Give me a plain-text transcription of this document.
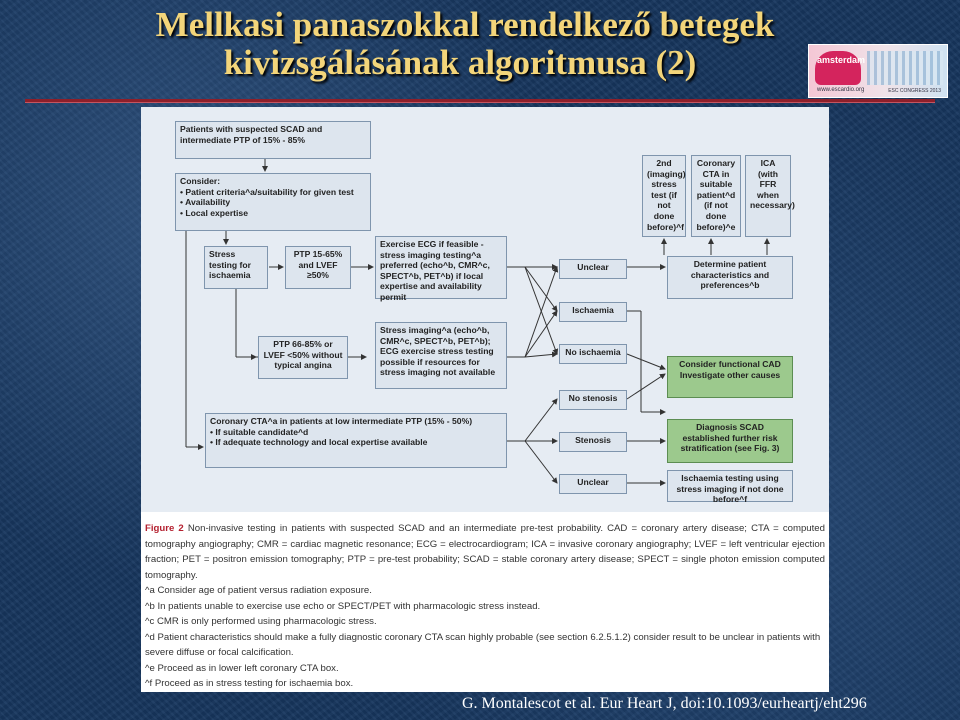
Mellkasi panaszokkal rendelkező betegek
kivizsgálásának algoritmusa (2)	amsterdam
www.escardio.org	ESC CONGRESS 2013
Patients with suspected SCAD and intermediate PTP of 15% - 85%
Consider:
• Patient criteria^a/suitability for given test
• Availability
• Local expertise
Stress testing for ischaemia
PTP 15-65% and LVEF ≥50%
Exercise ECG if feasible - stress imaging testing^a preferred (echo^b, CMR^c, SPECT^b, PET^b) if local expertise and availability permit
PTP 66-85% or LVEF <50% without typical angina
Stress imaging^a (echo^b, CMR^c, SPECT^b, PET^b); ECG exercise stress testing possible if resources for stress imaging not available
Coronary CTA^a in patients at low intermediate PTP (15% - 50%)
• If suitable candidate^d
• If adequate technology and local expertise available
Unclear
Ischaemia
No ischaemia
No stenosis
Stenosis
Unclear
2nd (imaging) stress test (if not done before)^f
Coronary CTA in suitable patient^d (if not done before)^e
ICA (with FFR when necessary)
Determine patient characteristics and preferences^b
Consider functional CAD Investigate other causes
Diagnosis SCAD established further risk stratification (see Fig. 3)
Ischaemia testing using stress imaging if not done before^f
Figure 2 Non-invasive testing in patients with suspected SCAD and an intermediate pre-test probability. CAD = coronary artery disease; CTA = computed tomography angiography; CMR = cardiac magnetic resonance; ECG = electrocardiogram; ICA = invasive coronary angiography; LVEF = left ventricular ejection fraction; PET = positron emission tomography; PTP = pre-test probability; SCAD = stable coronary artery disease; SPECT = single photon emission computed tomography.
^a Consider age of patient versus radiation exposure.
^b In patients unable to exercise use echo or SPECT/PET with pharmacologic stress instead.
^c CMR is only performed using pharmacologic stress.
^d Patient characteristics should make a fully diagnostic coronary CTA scan highly probable (see section 6.2.5.1.2) consider result to be unclear in patients with severe diffuse or focal calcification.
^e Proceed as in lower left coronary CTA box.
^f Proceed as in stress testing for ischaemia box.
G. Montalescot et al. Eur Heart J, doi:10.1093/eurheartj/eht296
